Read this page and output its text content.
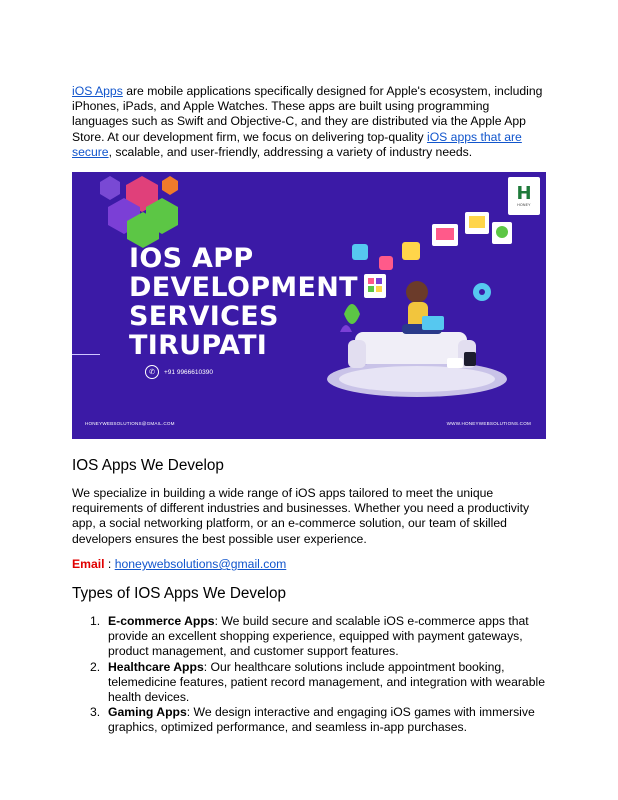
iOS Apps are mobile applications specifically designed for Apple's ecosystem, including iPhones, iPads, and Apple Watches. These apps are built using programming languages such as Swift and Objective-C, and they are distributed via the Apple App Store. At our development firm, we focus on delivering top-quality iOS apps that are secure, scalable, and user-friendly, addressing a variety of industry needs.

H
HONEY
IOS APP
DEVELOPMENT
SERVICES
TIRUPATI
✆	+91 9966610390
HONEYWEBSOLUTIONS@GMAIL.COM	WWW.HONEYWEBSOLUTIONS.COM
IOS Apps We Develop

We specialize in building a wide range of iOS apps tailored to meet the unique requirements of different industries and businesses. Whether you need a productivity app, a social networking platform, or an e-commerce solution, our team of skilled developers ensures the best possible user experience.

Email : honeywebsolutions@gmail.com

Types of IOS Apps We Develop
1. E-commerce Apps: We build secure and scalable iOS e-commerce apps that provide an excellent shopping experience, equipped with payment gateways, product management, and customer support features.
2. Healthcare Apps: Our healthcare solutions include appointment booking, telemedicine features, patient record management, and integration with wearable health devices.
3. Gaming Apps: We design interactive and engaging iOS games with immersive graphics, optimized performance, and seamless in-app purchases.
